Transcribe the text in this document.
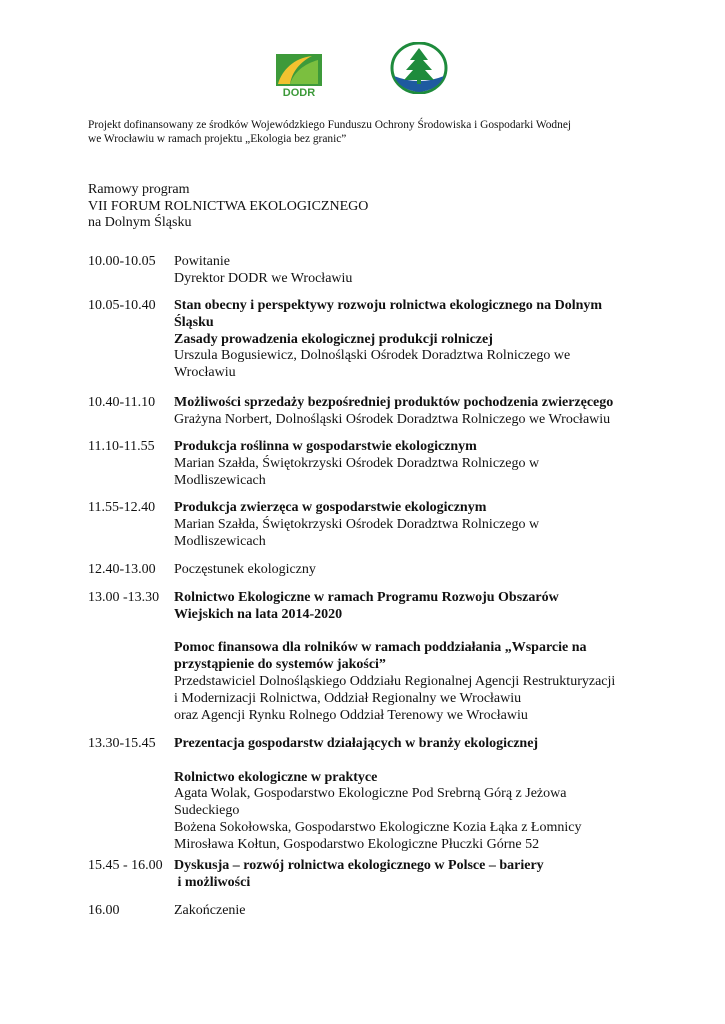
DODR
Projekt dofinansowany ze środków Wojewódzkiego Funduszu Ochrony Środowiska i Gospodarki Wodnej
we Wrocławiu w ramach projektu „Ekologia bez granic”
Ramowy program
VII FORUM ROLNICTWA EKOLOGICZNEGO
na Dolnym Śląsku
10.00-10.05	Powitanie

Dyrektor DODR we Wrocławiu

10.05-10.40	Stan obecny i perspektywy rozwoju rolnictwa ekologicznego na Dolnym

Śląsku

Zasady prowadzenia ekologicznej produkcji rolniczej

Urszula Bogusiewicz, Dolnośląski Ośrodek Doradztwa Rolniczego we

Wrocławiu

10.40-11.10	Możliwości sprzedaży bezpośredniej produktów pochodzenia zwierzęcego

Grażyna Norbert, Dolnośląski Ośrodek Doradztwa Rolniczego we Wrocławiu

11.10-11.55	Produkcja roślinna w gospodarstwie ekologicznym

Marian Szałda, Świętokrzyski Ośrodek Doradztwa Rolniczego w

Modliszewicach

11.55-12.40	Produkcja zwierzęca w gospodarstwie ekologicznym

Marian Szałda, Świętokrzyski Ośrodek Doradztwa Rolniczego w

Modliszewicach

12.40-13.00	Poczęstunek ekologiczny

13.00 -13.30	Rolnictwo Ekologiczne w ramach Programu Rozwoju Obszarów

Wiejskich na lata 2014-2020

Pomoc finansowa dla rolników w ramach poddziałania „Wsparcie na

przystąpienie do systemów jakości”

Przedstawiciel Dolnośląskiego Oddziału Regionalnej Agencji Restrukturyzacji

i Modernizacji Rolnictwa, Oddział Regionalny we Wrocławiu

oraz Agencji Rynku Rolnego Oddział Terenowy we Wrocławiu

13.30-15.45	Prezentacja gospodarstw działających w branży ekologicznej

Rolnictwo ekologiczne w praktyce

Agata Wolak, Gospodarstwo Ekologiczne Pod Srebrną Górą z Jeżowa

Sudeckiego

Bożena Sokołowska, Gospodarstwo Ekologiczne Kozia Łąka z Łomnicy

Mirosława Kołtun, Gospodarstwo Ekologiczne Płuczki Górne 52

15.45 - 16.00 Dyskusja – rozwój rolnictwa ekologicznego w Polsce – bariery

i możliwości

16.00	Zakończenie
